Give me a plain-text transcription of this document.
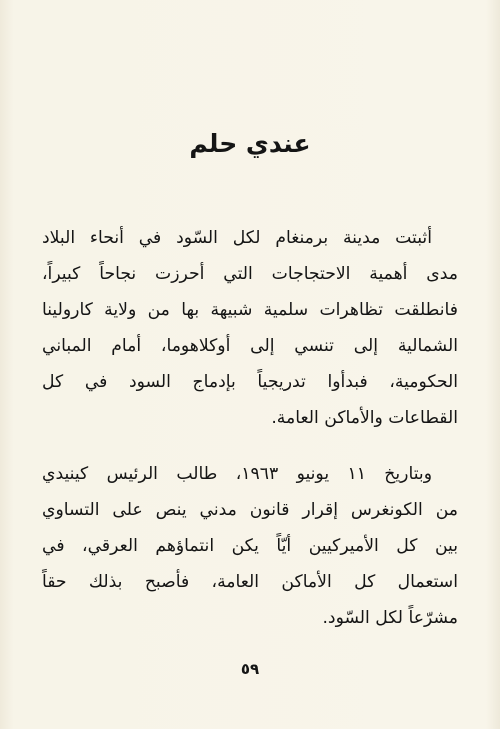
عندي حلم
أثبتت مدينة برمنغام لكل السّود في أنحاء البلاد
مدى أهمية الاحتجاجات التي أحرزت نجاحاً كبيراً،
فانطلقت تظاهرات سلمية شبيهة بها من ولاية كارولينا
الشمالية إلى تنسي إلى أوكلاهوما، أمام المباني
الحكومية، فبدأوا تدريجياً بإدماج السود في كل
القطاعات والأماكن العامة.
وبتاريخ ١١ يونيو ١٩٦٣، طالب الرئيس كينيدي
من الكونغرس إقرار قانون مدني ينص على التساوي
بين كل الأميركيين أيّاً يكن انتماؤهم العرقي، في
استعمال كل الأماكن العامة، فأصبح بذلك حقاً
مشرّعاً لكل السّود.
٥٩
